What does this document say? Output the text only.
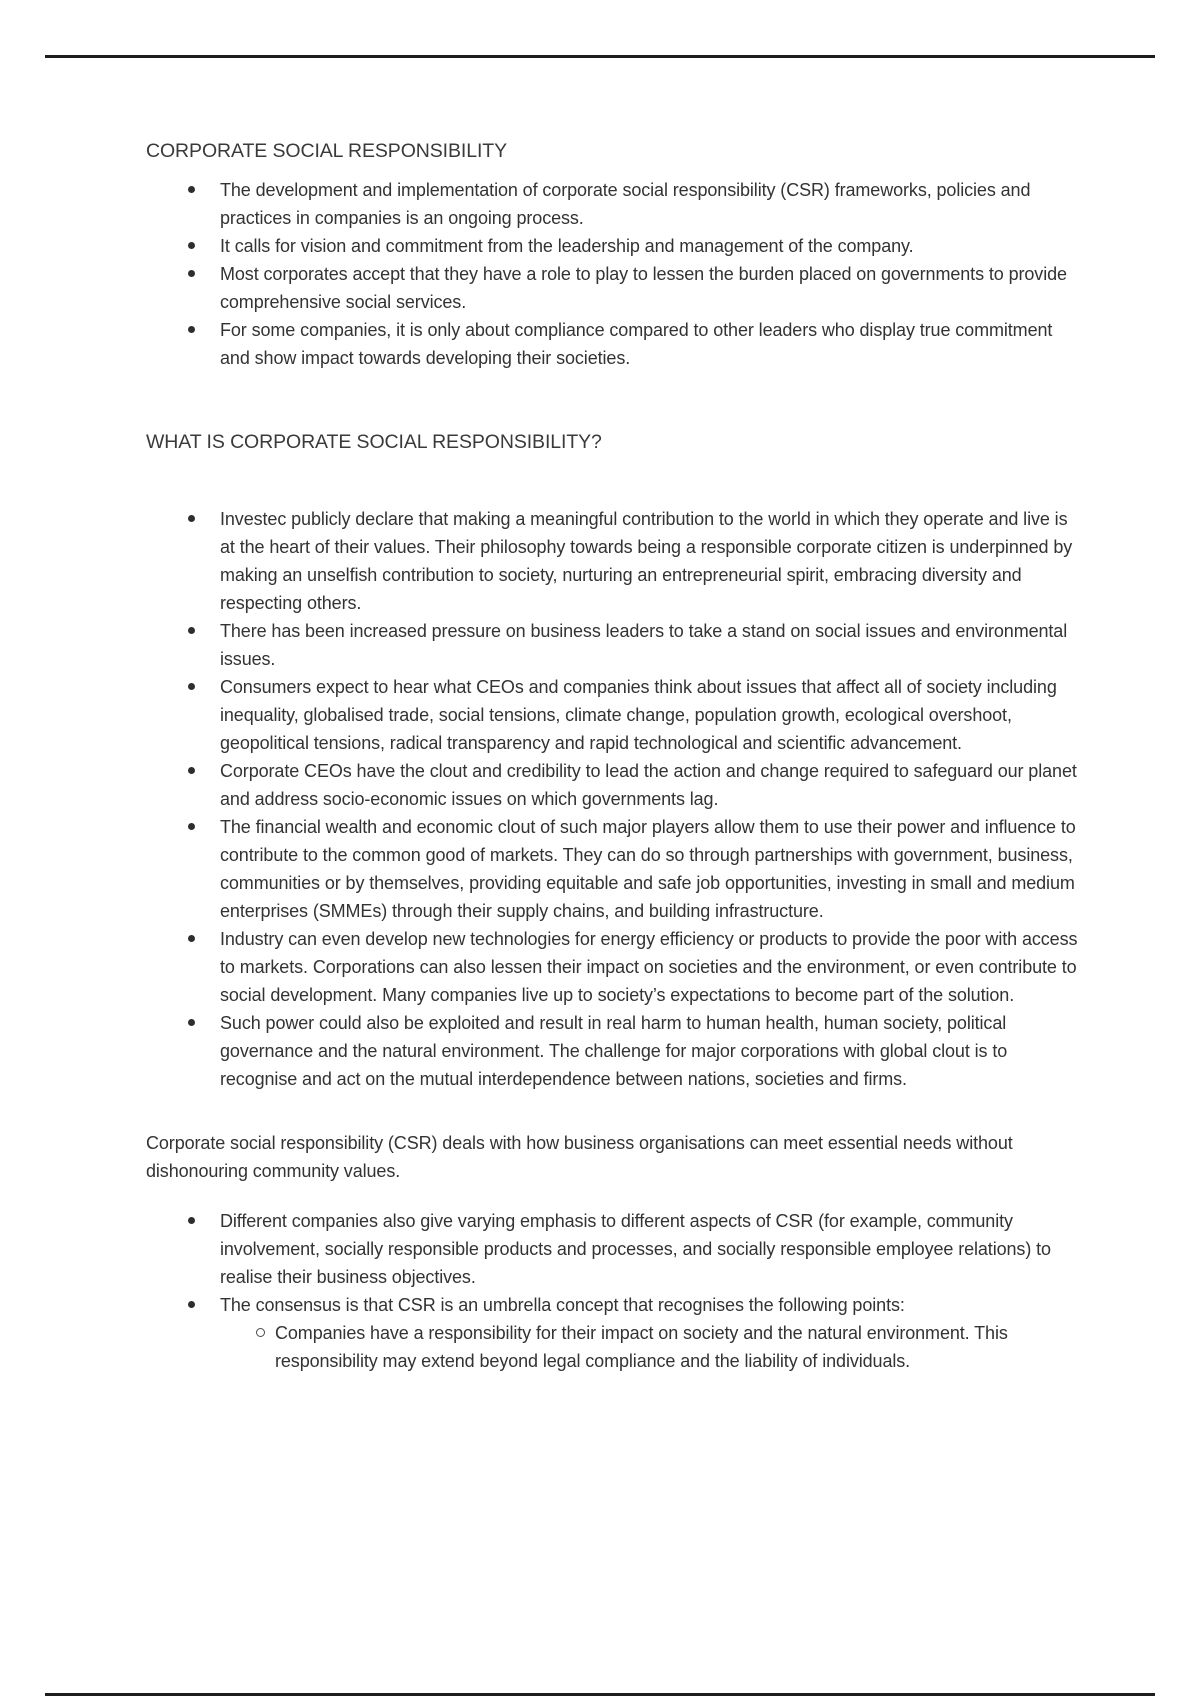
CORPORATE SOCIAL RESPONSIBILITY
The development and implementation of corporate social responsibility (CSR) frameworks, policies and practices in companies is an ongoing process.
It calls for vision and commitment from the leadership and management of the company.
Most corporates accept that they have a role to play to lessen the burden placed on governments to provide comprehensive social services.
For some companies, it is only about compliance compared to other leaders who display true commitment and show impact towards developing their societies.
WHAT IS CORPORATE SOCIAL RESPONSIBILITY?
Investec publicly declare that making a meaningful contribution to the world in which they operate and live is at the heart of their values. Their philosophy towards being a responsible corporate citizen is underpinned by making an unselfish contribution to society, nurturing an entrepreneurial spirit, embracing diversity and respecting others.
There has been increased pressure on business leaders to take a stand on social issues and environmental issues.
Consumers expect to hear what CEOs and companies think about issues that affect all of society including inequality, globalised trade, social tensions, climate change, population growth, ecological overshoot, geopolitical tensions, radical transparency and rapid technological and scientific advancement.
Corporate CEOs have the clout and credibility to lead the action and change required to safeguard our planet and address socio-economic issues on which governments lag.
The financial wealth and economic clout of such major players allow them to use their power and influence to contribute to the common good of markets. They can do so through partnerships with government, business, communities or by themselves, providing equitable and safe job opportunities, investing in small and medium enterprises (SMMEs) through their supply chains, and building infrastructure.
Industry can even develop new technologies for energy efficiency or products to provide the poor with access to markets. Corporations can also lessen their impact on societies and the environment, or even contribute to social development. Many companies live up to society’s expectations to become part of the solution.
Such power could also be exploited and result in real harm to human health, human society, political governance and the natural environment. The challenge for major corporations with global clout is to recognise and act on the mutual interdependence between nations, societies and firms.
Corporate social responsibility (CSR) deals with how business organisations can meet essential needs without dishonouring community values.
Different companies also give varying emphasis to different aspects of CSR (for example, community involvement, socially responsible products and processes, and socially responsible employee relations) to realise their business objectives.
The consensus is that CSR is an umbrella concept that recognises the following points:
Companies have a responsibility for their impact on society and the natural environment. This responsibility may extend beyond legal compliance and the liability of individuals.
